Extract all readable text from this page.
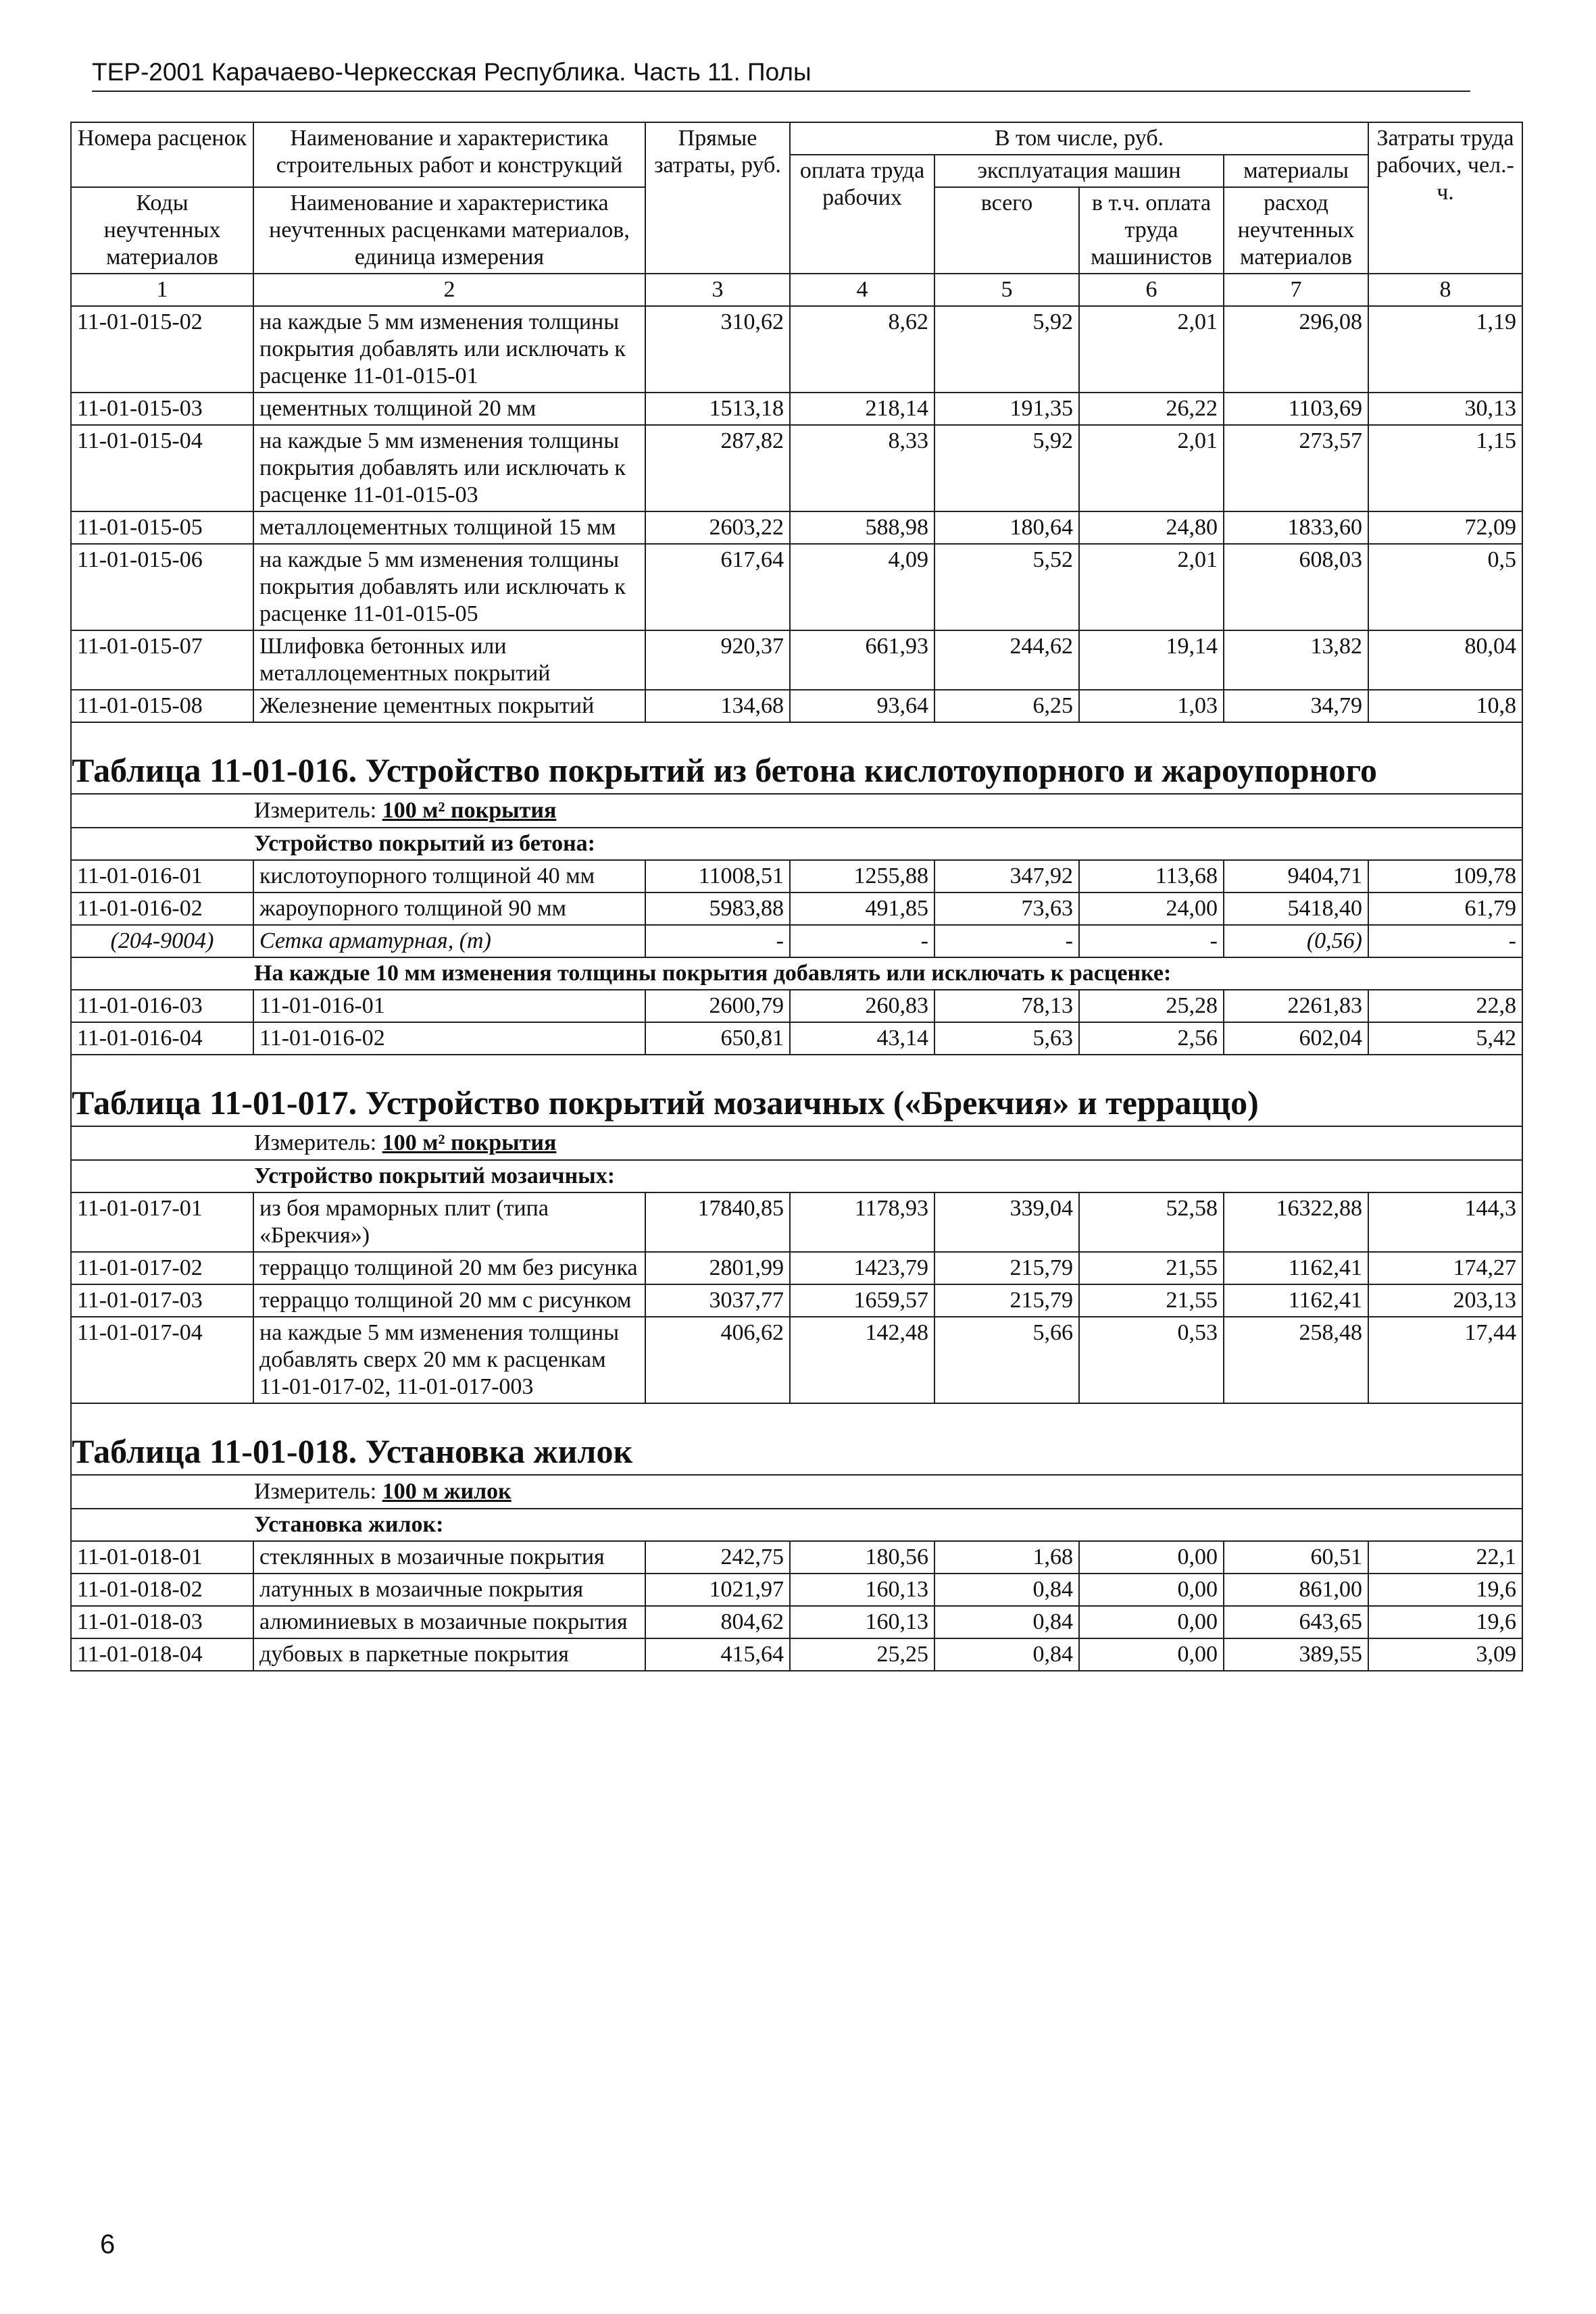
ТЕР-2001 Карачаево-Черкесская Республика. Часть 11. Полы
Номера расценок	Наименование и характеристика строительных работ и конструкций	Прямые затраты, руб.	В том числе, руб.				Затраты труда рабочих, чел.-ч.
			оплата труда рабочих	эксплуатация машин		материалы	
Коды неучтенных материалов	Наименование и характеристика неучтенных расценками материалов, единица измерения			всего	в т.ч. оплата труда машинистов	расход неучтенных материалов	

1	2	3	4	5	6	7	8
11-01-015-02	на каждые 5 мм изменения толщины покрытия добавлять или исключать к расценке 11-01-015-01	310,62	8,62	5,92	2,01	296,08	1,19
11-01-015-03	цементных толщиной 20 мм	1513,18	218,14	191,35	26,22	1103,69	30,13
11-01-015-04	на каждые 5 мм изменения толщины покрытия добавлять или исключать к расценке 11-01-015-03	287,82	8,33	5,92	2,01	273,57	1,15
11-01-015-05	металлоцементных толщиной 15 мм	2603,22	588,98	180,64	24,80	1833,60	72,09
11-01-015-06	на каждые 5 мм изменения толщины покрытия добавлять или исключать к расценке 11-01-015-05	617,64	4,09	5,52	2,01	608,03	0,5
11-01-015-07	Шлифовка бетонных или металлоцементных покрытий	920,37	661,93	244,62	19,14	13,82	80,04
11-01-015-08	Железнение цементных покрытий	134,68	93,64	6,25	1,03	34,79	10,8
Таблица 11-01-016. Устройство покрытий из бетона кислотоупорного и жароупорного							
Измеритель: 100 м² покрытия							
Устройство покрытий из бетона:							
11-01-016-01	кислотоупорного толщиной 40 мм	11008,51	1255,88	347,92	113,68	9404,71	109,78
11-01-016-02	жароупорного толщиной 90 мм	5983,88	491,85	73,63	24,00	5418,40	61,79
(204-9004)	Сетка арматурная, (т)	-	-	-	-	(0,56)	-
На каждые 10 мм изменения толщины покрытия добавлять или исключать к расценке:							
11-01-016-03	11-01-016-01	2600,79	260,83	78,13	25,28	2261,83	22,8
11-01-016-04	11-01-016-02	650,81	43,14	5,63	2,56	602,04	5,42
Таблица 11-01-017. Устройство покрытий мозаичных («Брекчия» и терраццо)							
Измеритель: 100 м² покрытия							
Устройство покрытий мозаичных:							
11-01-017-01	из боя мраморных плит (типа «Брекчия»)	17840,85	1178,93	339,04	52,58	16322,88	144,3
11-01-017-02	терраццо толщиной 20 мм без рисунка	2801,99	1423,79	215,79	21,55	1162,41	174,27
11-01-017-03	терраццо толщиной 20 мм с рисунком	3037,77	1659,57	215,79	21,55	1162,41	203,13
11-01-017-04	на каждые 5 мм изменения толщины добавлять сверх 20 мм к расценкам 11-01-017-02, 11-01-017-003	406,62	142,48	5,66	0,53	258,48	17,44
Таблица 11-01-018. Установка жилок							
Измеритель: 100 м жилок							
Установка жилок:							
11-01-018-01	стеклянных в мозаичные покрытия	242,75	180,56	1,68	0,00	60,51	22,1
11-01-018-02	латунных в мозаичные покрытия	1021,97	160,13	0,84	0,00	861,00	19,6
11-01-018-03	алюминиевых в мозаичные покрытия	804,62	160,13	0,84	0,00	643,65	19,6
11-01-018-04	дубовых в паркетные покрытия	415,64	25,25	0,84	0,00	389,55	3,09
6
